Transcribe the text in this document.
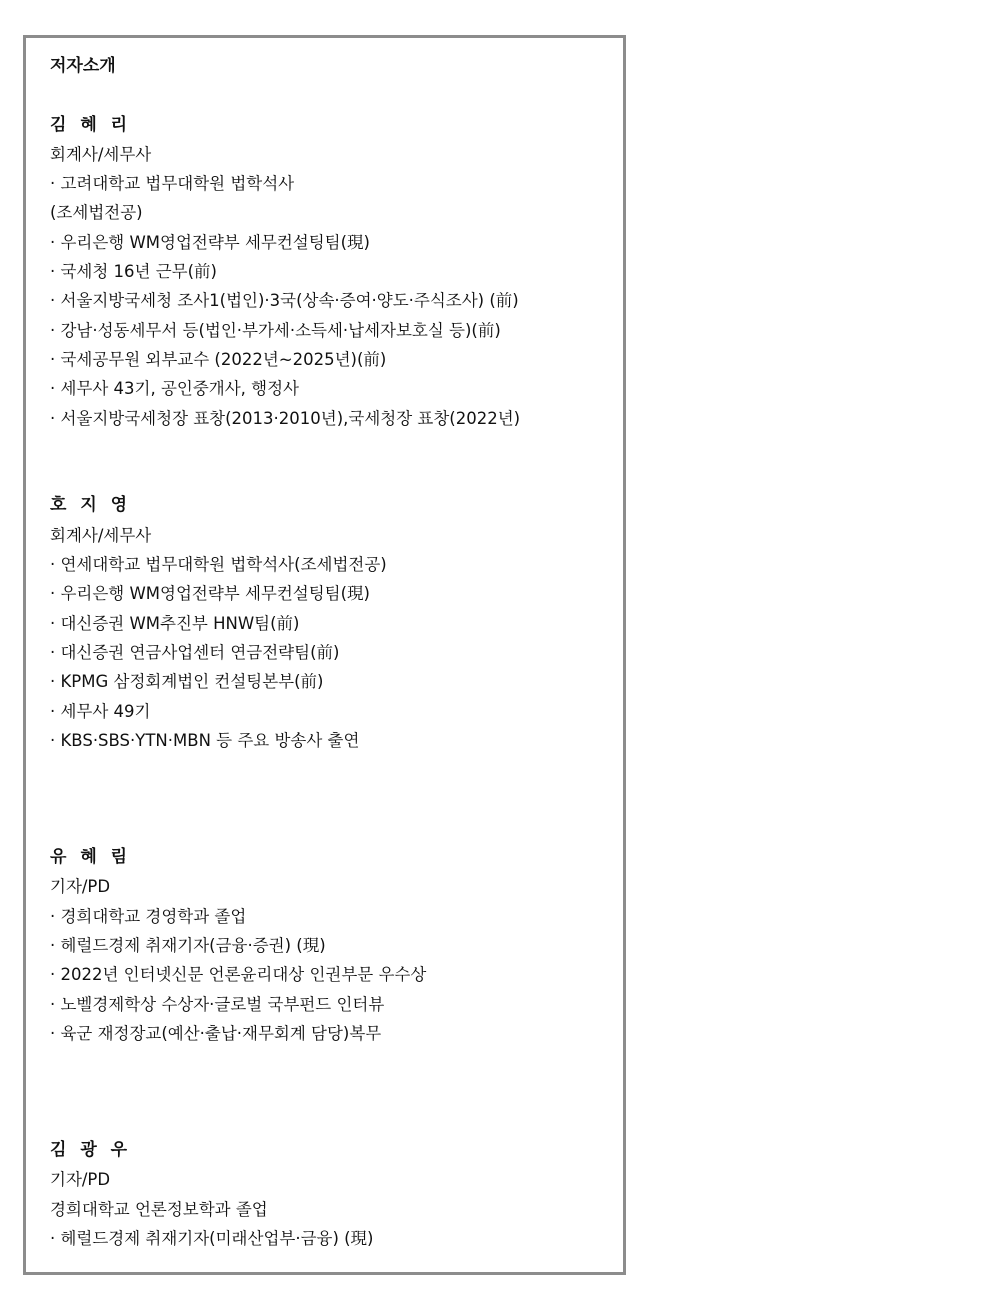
저자소개
김 혜 리
회계사/세무사
· 고려대학교 법무대학원 법학석사
(조세법전공)
· 우리은행 WM영업전략부 세무컨설팅팀(現)
· 국세청 16년 근무(前)
· 서울지방국세청 조사1(법인)·3국(상속·증여·양도·주식조사) (前)
· 강남·성동세무서 등(법인·부가세·소득세·납세자보호실 등)(前)
· 국세공무원 외부교수 (2022년~2025년)(前)
· 세무사 43기, 공인중개사, 행정사
· 서울지방국세청장 표창(2013·2010년),국세청장 표창(2022년)
호 지 영
회계사/세무사
· 연세대학교 법무대학원 법학석사(조세법전공)
· 우리은행 WM영업전략부 세무컨설팅팀(現)
· 대신증권 WM추진부 HNW팀(前)
· 대신증권 연금사업센터 연금전략팀(前)
· KPMG 삼정회계법인 컨설팅본부(前)
· 세무사 49기
· KBS·SBS·YTN·MBN 등 주요 방송사 출연
유 혜 림
기자/PD
· 경희대학교 경영학과 졸업
· 헤럴드경제 취재기자(금융·증권) (現)
· 2022년 인터넷신문 언론윤리대상 인권부문 우수상
· 노벨경제학상 수상자·글로벌 국부펀드 인터뷰
· 육군 재정장교(예산·출납·재무회계 담당)복무
김 광 우
기자/PD
경희대학교 언론정보학과 졸업
· 헤럴드경제 취재기자(미래산업부·금융) (現)
